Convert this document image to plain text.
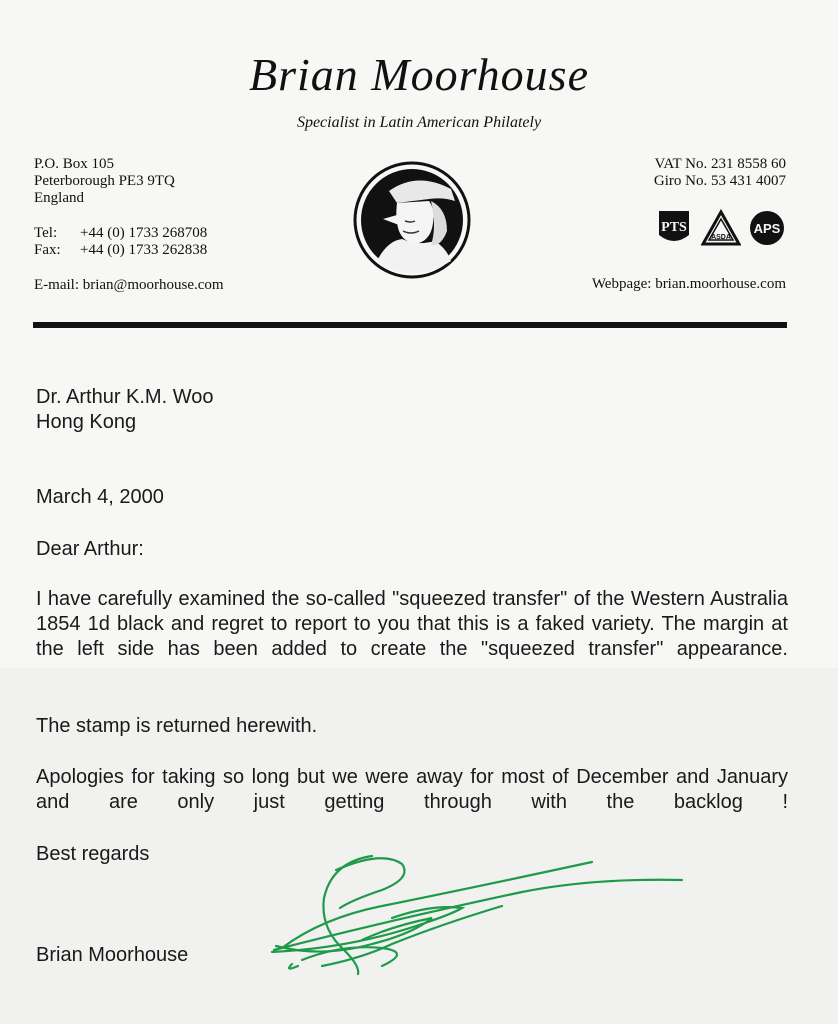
Brian Moorhouse
Specialist in Latin American Philately
P.O. Box 105
Peterborough PE3 9TQ
England
Tel: +44 (0) 1733 268708
Fax: +44 (0) 1733 262838
E-mail: brian@moorhouse.com
VAT No. 231 8558 60
Giro No. 53 431 4007
Webpage: brian.moorhouse.com
PTS
ASDA
APS
Dr. Arthur K.M. Woo
Hong Kong
March 4, 2000
Dear Arthur:
I have carefully examined the so-called "squeezed transfer" of the Western Australia 1854 1d black and regret to report to you that this is a faked variety. The margin at the left side has been added to create the "squeezed transfer" appearance.
The stamp is returned herewith.
Apologies for taking so long but we were away for most of December and January and are only just getting through with the backlog !
Best regards
Brian Moorhouse
